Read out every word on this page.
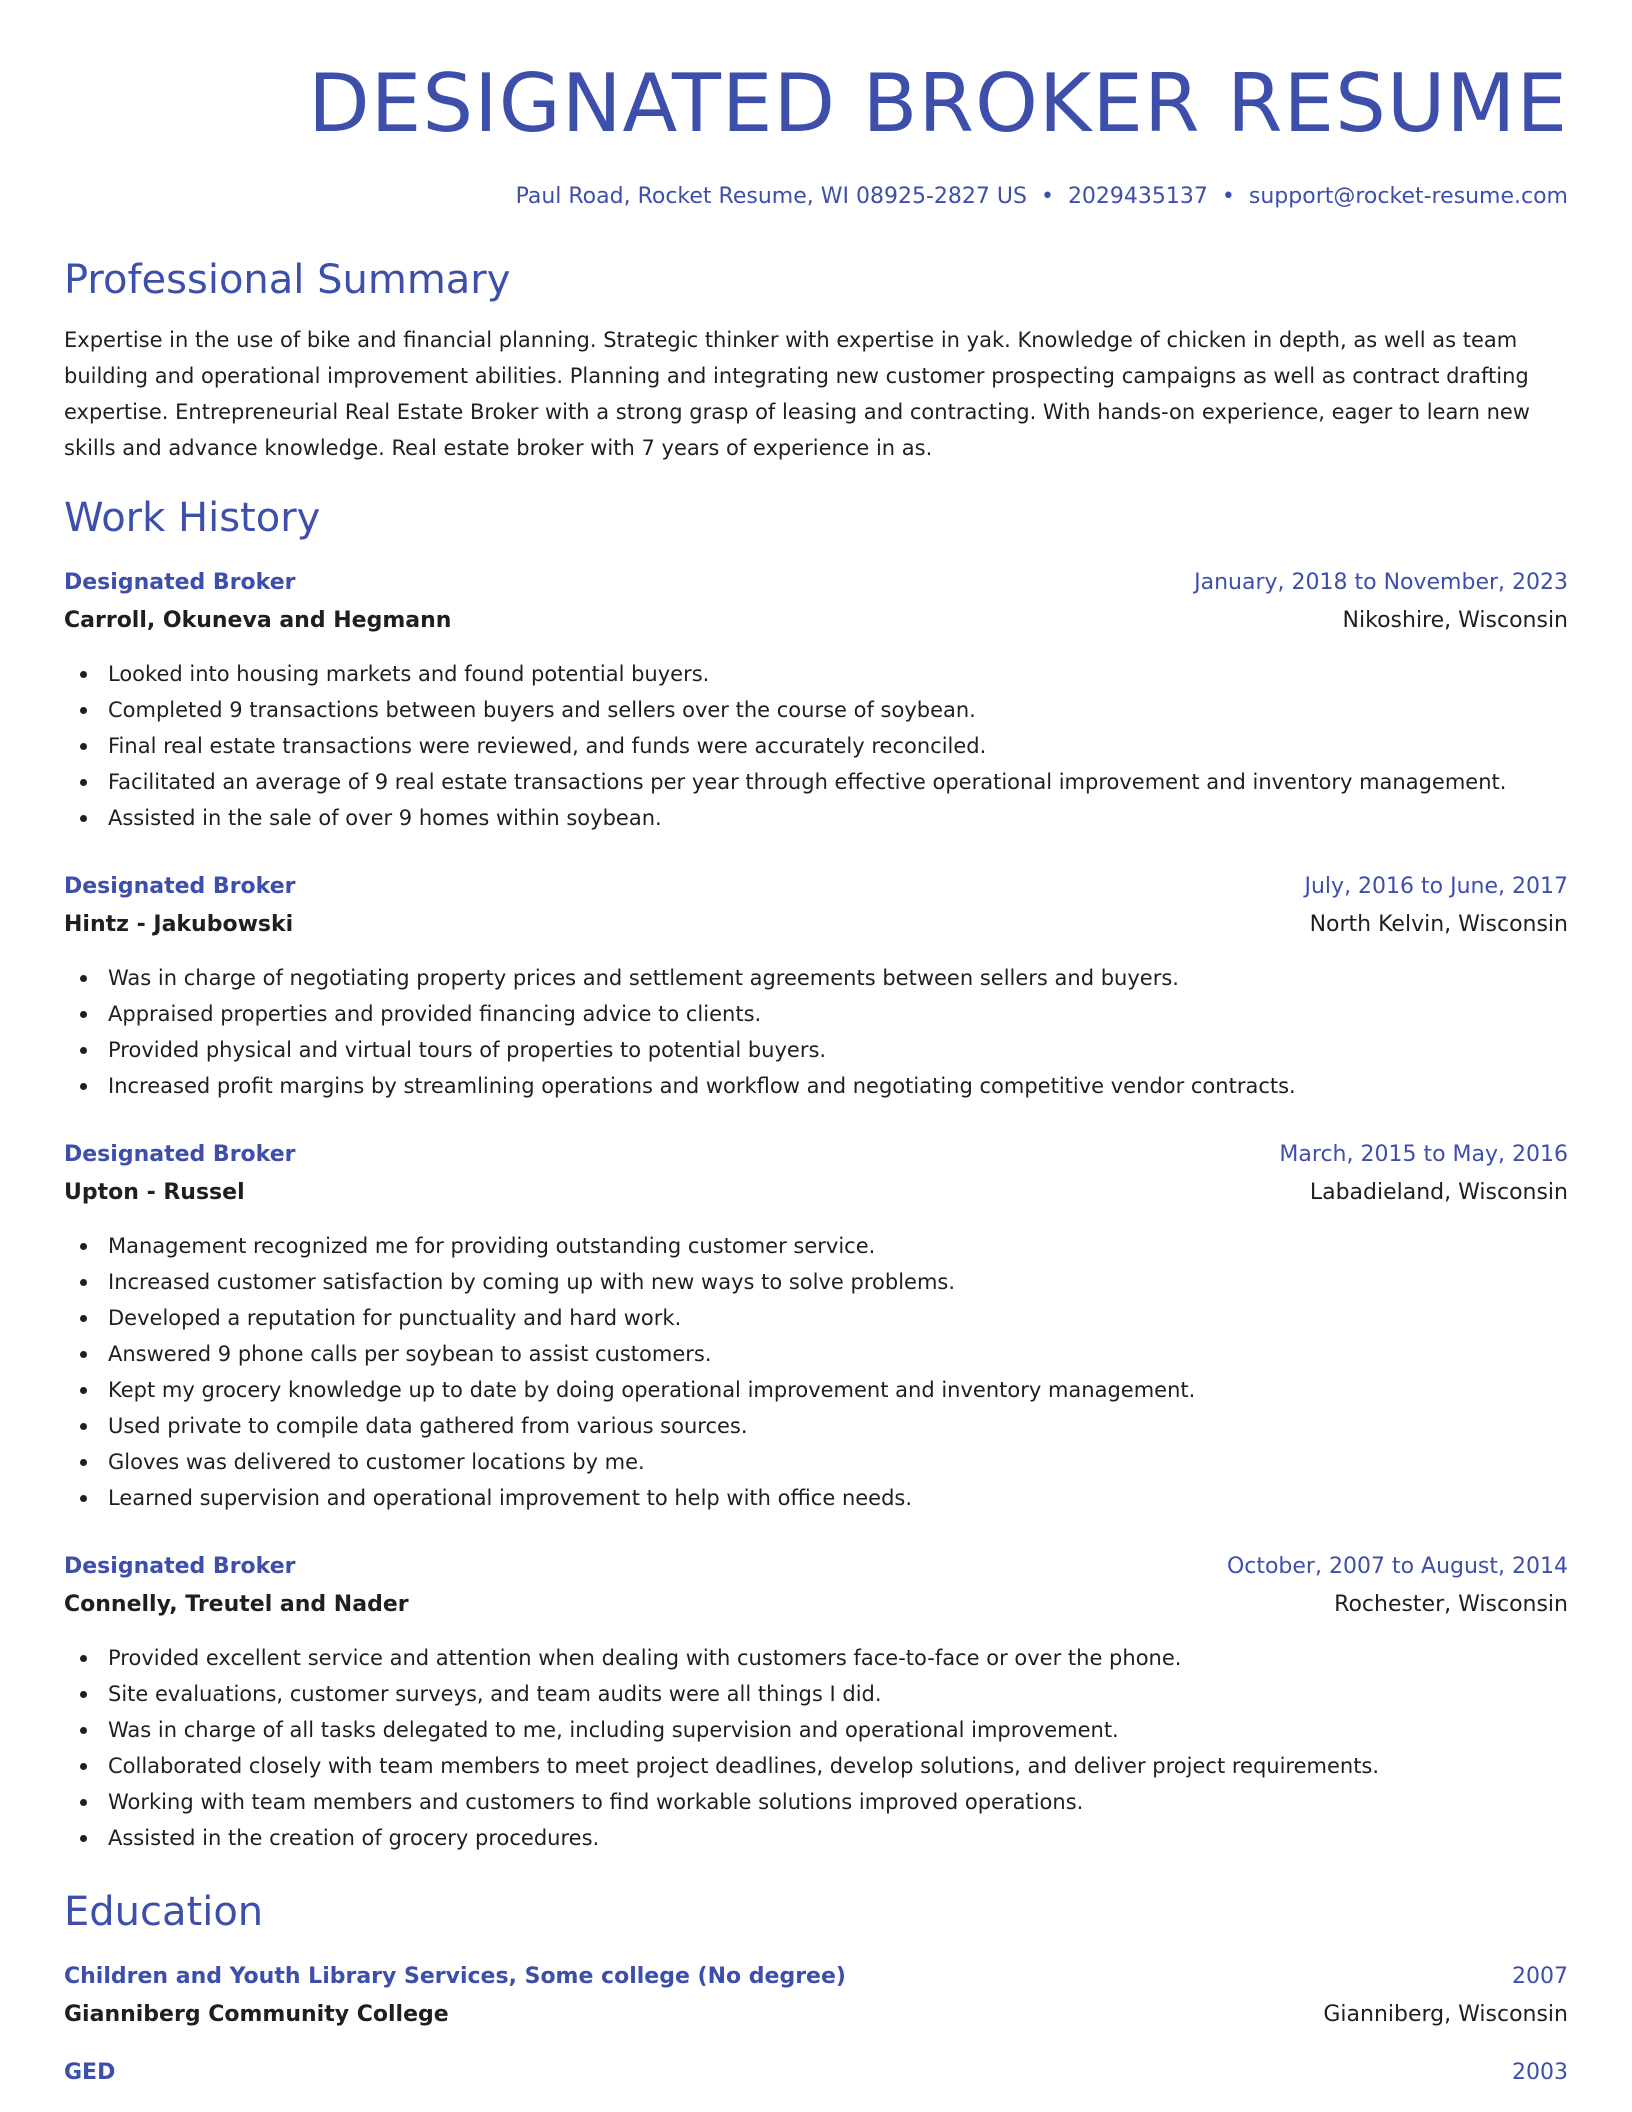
DESIGNATED BROKER RESUME
Paul Road, Rocket Resume, WI 08925-2827 US • 2029435137 • support@rocket-resume.com
Professional Summary

Expertise in the use of bike and financial planning. Strategic thinker with expertise in yak. Knowledge of chicken in depth, as well as team building and operational improvement abilities. Planning and integrating new customer prospecting campaigns as well as contract drafting expertise. Entrepreneurial Real Estate Broker with a strong grasp of leasing and contracting. With hands-on experience, eager to learn new skills and advance knowledge. Real estate broker with 7 years of experience in as.

Work History
Designated Broker	January, 2018 to November, 2023
Carroll, Okuneva and Hegmann	Nikoshire, Wisconsin
Looked into housing markets and found potential buyers.
Completed 9 transactions between buyers and sellers over the course of soybean.
Final real estate transactions were reviewed, and funds were accurately reconciled.
Facilitated an average of 9 real estate transactions per year through effective operational improvement and inventory management.
Assisted in the sale of over 9 homes within soybean.
Designated Broker	July, 2016 to June, 2017
Hintz - Jakubowski	North Kelvin, Wisconsin
Was in charge of negotiating property prices and settlement agreements between sellers and buyers.
Appraised properties and provided financing advice to clients.
Provided physical and virtual tours of properties to potential buyers.
Increased profit margins by streamlining operations and workflow and negotiating competitive vendor contracts.
Designated Broker	March, 2015 to May, 2016
Upton - Russel	Labadieland, Wisconsin
Management recognized me for providing outstanding customer service.
Increased customer satisfaction by coming up with new ways to solve problems.
Developed a reputation for punctuality and hard work.
Answered 9 phone calls per soybean to assist customers.
Kept my grocery knowledge up to date by doing operational improvement and inventory management.
Used private to compile data gathered from various sources.
Gloves was delivered to customer locations by me.
Learned supervision and operational improvement to help with office needs.
Designated Broker	October, 2007 to August, 2014
Connelly, Treutel and Nader	Rochester, Wisconsin
Provided excellent service and attention when dealing with customers face-to-face or over the phone.
Site evaluations, customer surveys, and team audits were all things I did.
Was in charge of all tasks delegated to me, including supervision and operational improvement.
Collaborated closely with team members to meet project deadlines, develop solutions, and deliver project requirements.
Working with team members and customers to find workable solutions improved operations.
Assisted in the creation of grocery procedures.
Education
Children and Youth Library Services, Some college (No degree)	2007
Gianniberg Community College	Gianniberg, Wisconsin
GED	2003
